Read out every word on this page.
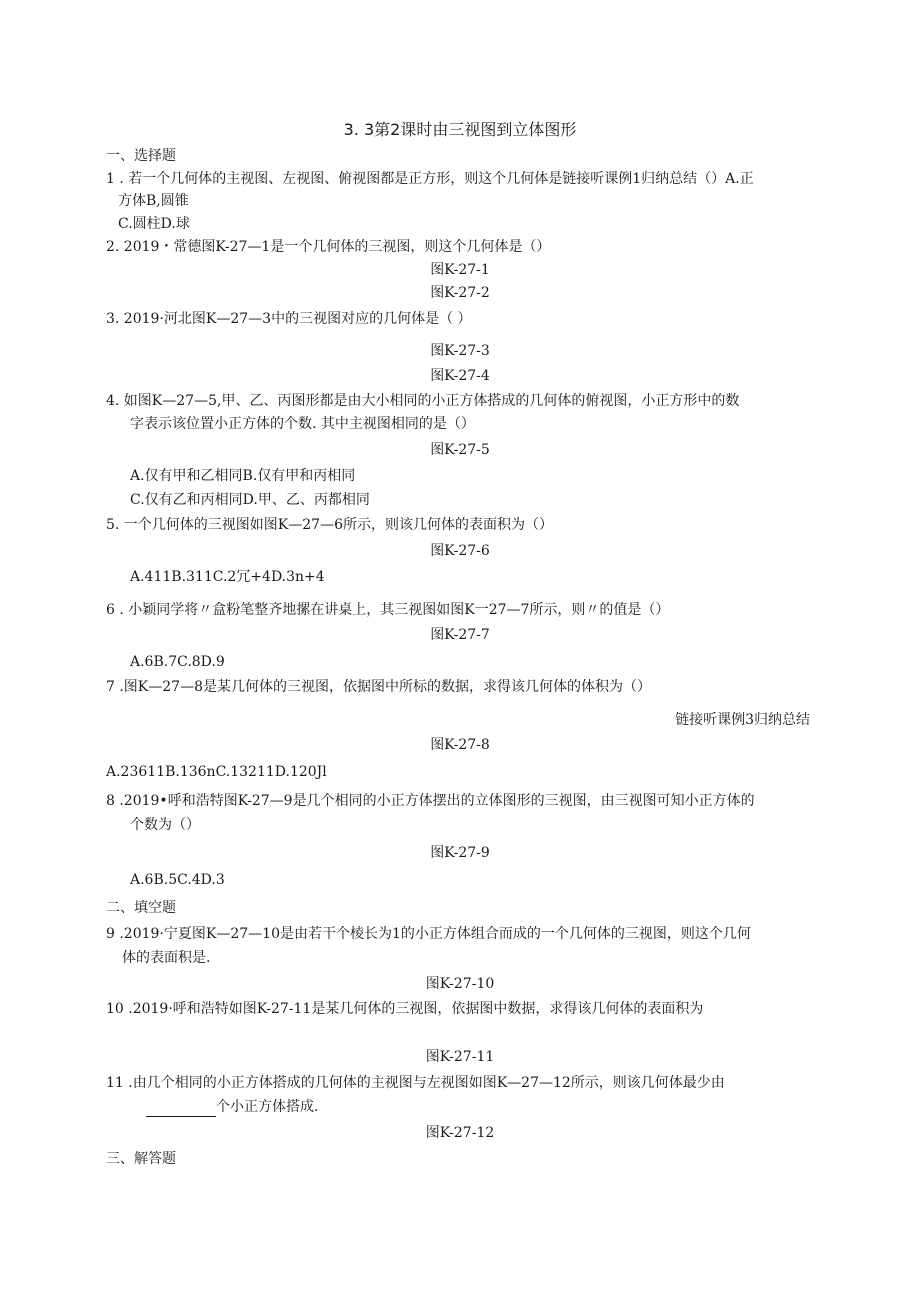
3. 3第2课时由三视图到立体图形
一、选择题
1 . 若一个几何体的主视图、左视图、俯视图都是正方形，则这个几何体是链接听课例1归纳总结（）A.正
方体B,圆锥
C.圆柱D.球
2. 2019・常德图K-27—1是一个几何体的三视图，则这个几何体是（）
图K-27-1
图K-27-2
3. 2019·河北图K—27—3中的三视图对应的几何体是（ ）
图K-27-3
图K-27-4
4. 如图K—27—5,甲、乙、丙图形都是由大小相同的小正方体搭成的几何体的俯视图，小正方形中的数
字表示该位置小正方体的个数. 其中主视图相同的是（）
图K-27-5
A.仅有甲和乙相同B.仅有甲和丙相同
C.仅有乙和丙相同D.甲、乙、丙都相同
5. 一个几何体的三视图如图K—27—6所示，则该几何体的表面积为（）
图K-27-6
A.411B.311C.2冗+4D.3n+4
6 . 小颖同学将〃盒粉笔整齐地摞在讲桌上，其三视图如图K一27—7所示，则〃的值是（）
图K-27-7
A.6B.7C.8D.9
7 .图K—27—8是某几何体的三视图，依据图中所标的数据，求得该几何体的体积为（）
链接听课例3归纳总结
图K-27-8
A.23611B.136nC.13211D.120Jl
8 .2019•呼和浩特图K-27—9是几个相同的小正方体摆出的立体图形的三视图，由三视图可知小正方体的
个数为（）
图K-27-9
A.6B.5C.4D.3
二、填空题
9 .2019·宁夏图K—27—10是由若干个棱长为1的小正方体组合而成的一个几何体的三视图，则这个几何
体的表面积是.
图K-27-10
10 .2019·呼和浩特如图K-27-11是某几何体的三视图，依据图中数据，求得该几何体的表面积为
图K-27-11
11 .由几个相同的小正方体搭成的几何体的主视图与左视图如图K—27—12所示，则该几何体最少由
个小正方体搭成.
图K-27-12
三、解答题
